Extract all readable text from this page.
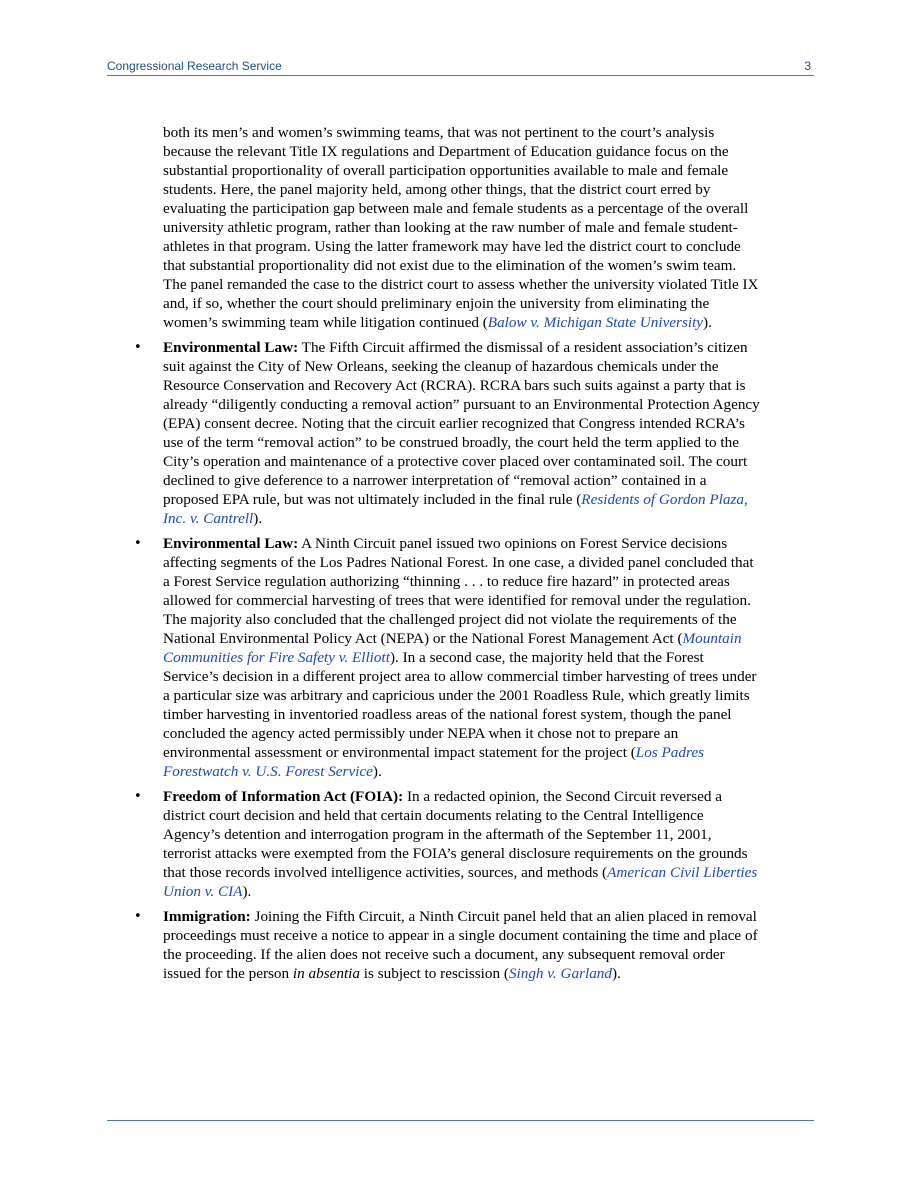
Congressional Research Service	3

both its men’s and women’s swimming teams, that was not pertinent to the court’s analysis because the relevant Title IX regulations and Department of Education guidance focus on the substantial proportionality of overall participation opportunities available to male and female students. Here, the panel majority held, among other things, that the district court erred by evaluating the participation gap between male and female students as a percentage of the overall university athletic program, rather than looking at the raw number of male and female student-athletes in that program. Using the latter framework may have led the district court to conclude that substantial proportionality did not exist due to the elimination of the women’s swim team. The panel remanded the case to the district court to assess whether the university violated Title IX and, if so, whether the court should preliminary enjoin the university from eliminating the women’s swimming team while litigation continued (Balow v. Michigan State University).

• Environmental Law: The Fifth Circuit affirmed the dismissal of a resident association’s citizen suit against the City of New Orleans, seeking the cleanup of hazardous chemicals under the Resource Conservation and Recovery Act (RCRA). RCRA bars such suits against a party that is already “diligently conducting a removal action” pursuant to an Environmental Protection Agency (EPA) consent decree. Noting that the circuit earlier recognized that Congress intended RCRA’s use of the term “removal action” to be construed broadly, the court held the term applied to the City’s operation and maintenance of a protective cover placed over contaminated soil. The court declined to give deference to a narrower interpretation of “removal action” contained in a proposed EPA rule, but was not ultimately included in the final rule (Residents of Gordon Plaza, Inc. v. Cantrell).
• Environmental Law: A Ninth Circuit panel issued two opinions on Forest Service decisions affecting segments of the Los Padres National Forest. In one case, a divided panel concluded that a Forest Service regulation authorizing “thinning . . . to reduce fire hazard” in protected areas allowed for commercial harvesting of trees that were identified for removal under the regulation. The majority also concluded that the challenged project did not violate the requirements of the National Environmental Policy Act (NEPA) or the National Forest Management Act (Mountain Communities for Fire Safety v. Elliott). In a second case, the majority held that the Forest Service’s decision in a different project area to allow commercial timber harvesting of trees under a particular size was arbitrary and capricious under the 2001 Roadless Rule, which greatly limits timber harvesting in inventoried roadless areas of the national forest system, though the panel concluded the agency acted permissibly under NEPA when it chose not to prepare an environmental assessment or environmental impact statement for the project (Los Padres Forestwatch v. U.S. Forest Service).
• Freedom of Information Act (FOIA): In a redacted opinion, the Second Circuit reversed a district court decision and held that certain documents relating to the Central Intelligence Agency’s detention and interrogation program in the aftermath of the September 11, 2001, terrorist attacks were exempted from the FOIA’s general disclosure requirements on the grounds that those records involved intelligence activities, sources, and methods (American Civil Liberties Union v. CIA).
• Immigration: Joining the Fifth Circuit, a Ninth Circuit panel held that an alien placed in removal proceedings must receive a notice to appear in a single document containing the time and place of the proceeding. If the alien does not receive such a document, any subsequent removal order issued for the person in absentia is subject to rescission (Singh v. Garland).
